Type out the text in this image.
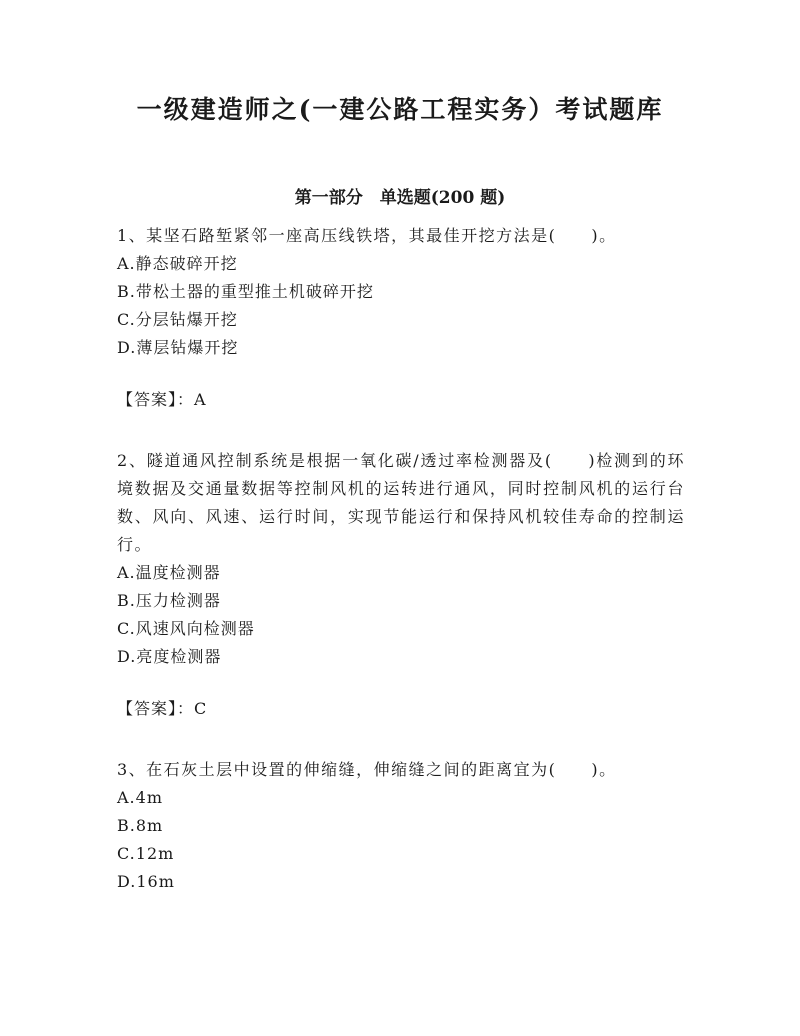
一级建造师之(一建公路工程实务）考试题库
第一部分　单选题(200 题)

1、某坚石路堑紧邻一座高压线铁塔，其最佳开挖方法是(　　)。

A.静态破碎开挖

B.带松土器的重型推土机破碎开挖

C.分层钻爆开挖

D.薄层钻爆开挖

【答案】：A

2、隧道通风控制系统是根据一氧化碳/透过率检测器及(　　)检测到的环境数据及交通量数据等控制风机的运转进行通风，同时控制风机的运行台数、风向、风速、运行时间，实现节能运行和保持风机较佳寿命的控制运行。

A.温度检测器

B.压力检测器

C.风速风向检测器

D.亮度检测器

【答案】：C

3、在石灰土层中设置的伸缩缝，伸缩缝之间的距离宜为(　　)。

A.4m

B.8m

C.12m

D.16m
